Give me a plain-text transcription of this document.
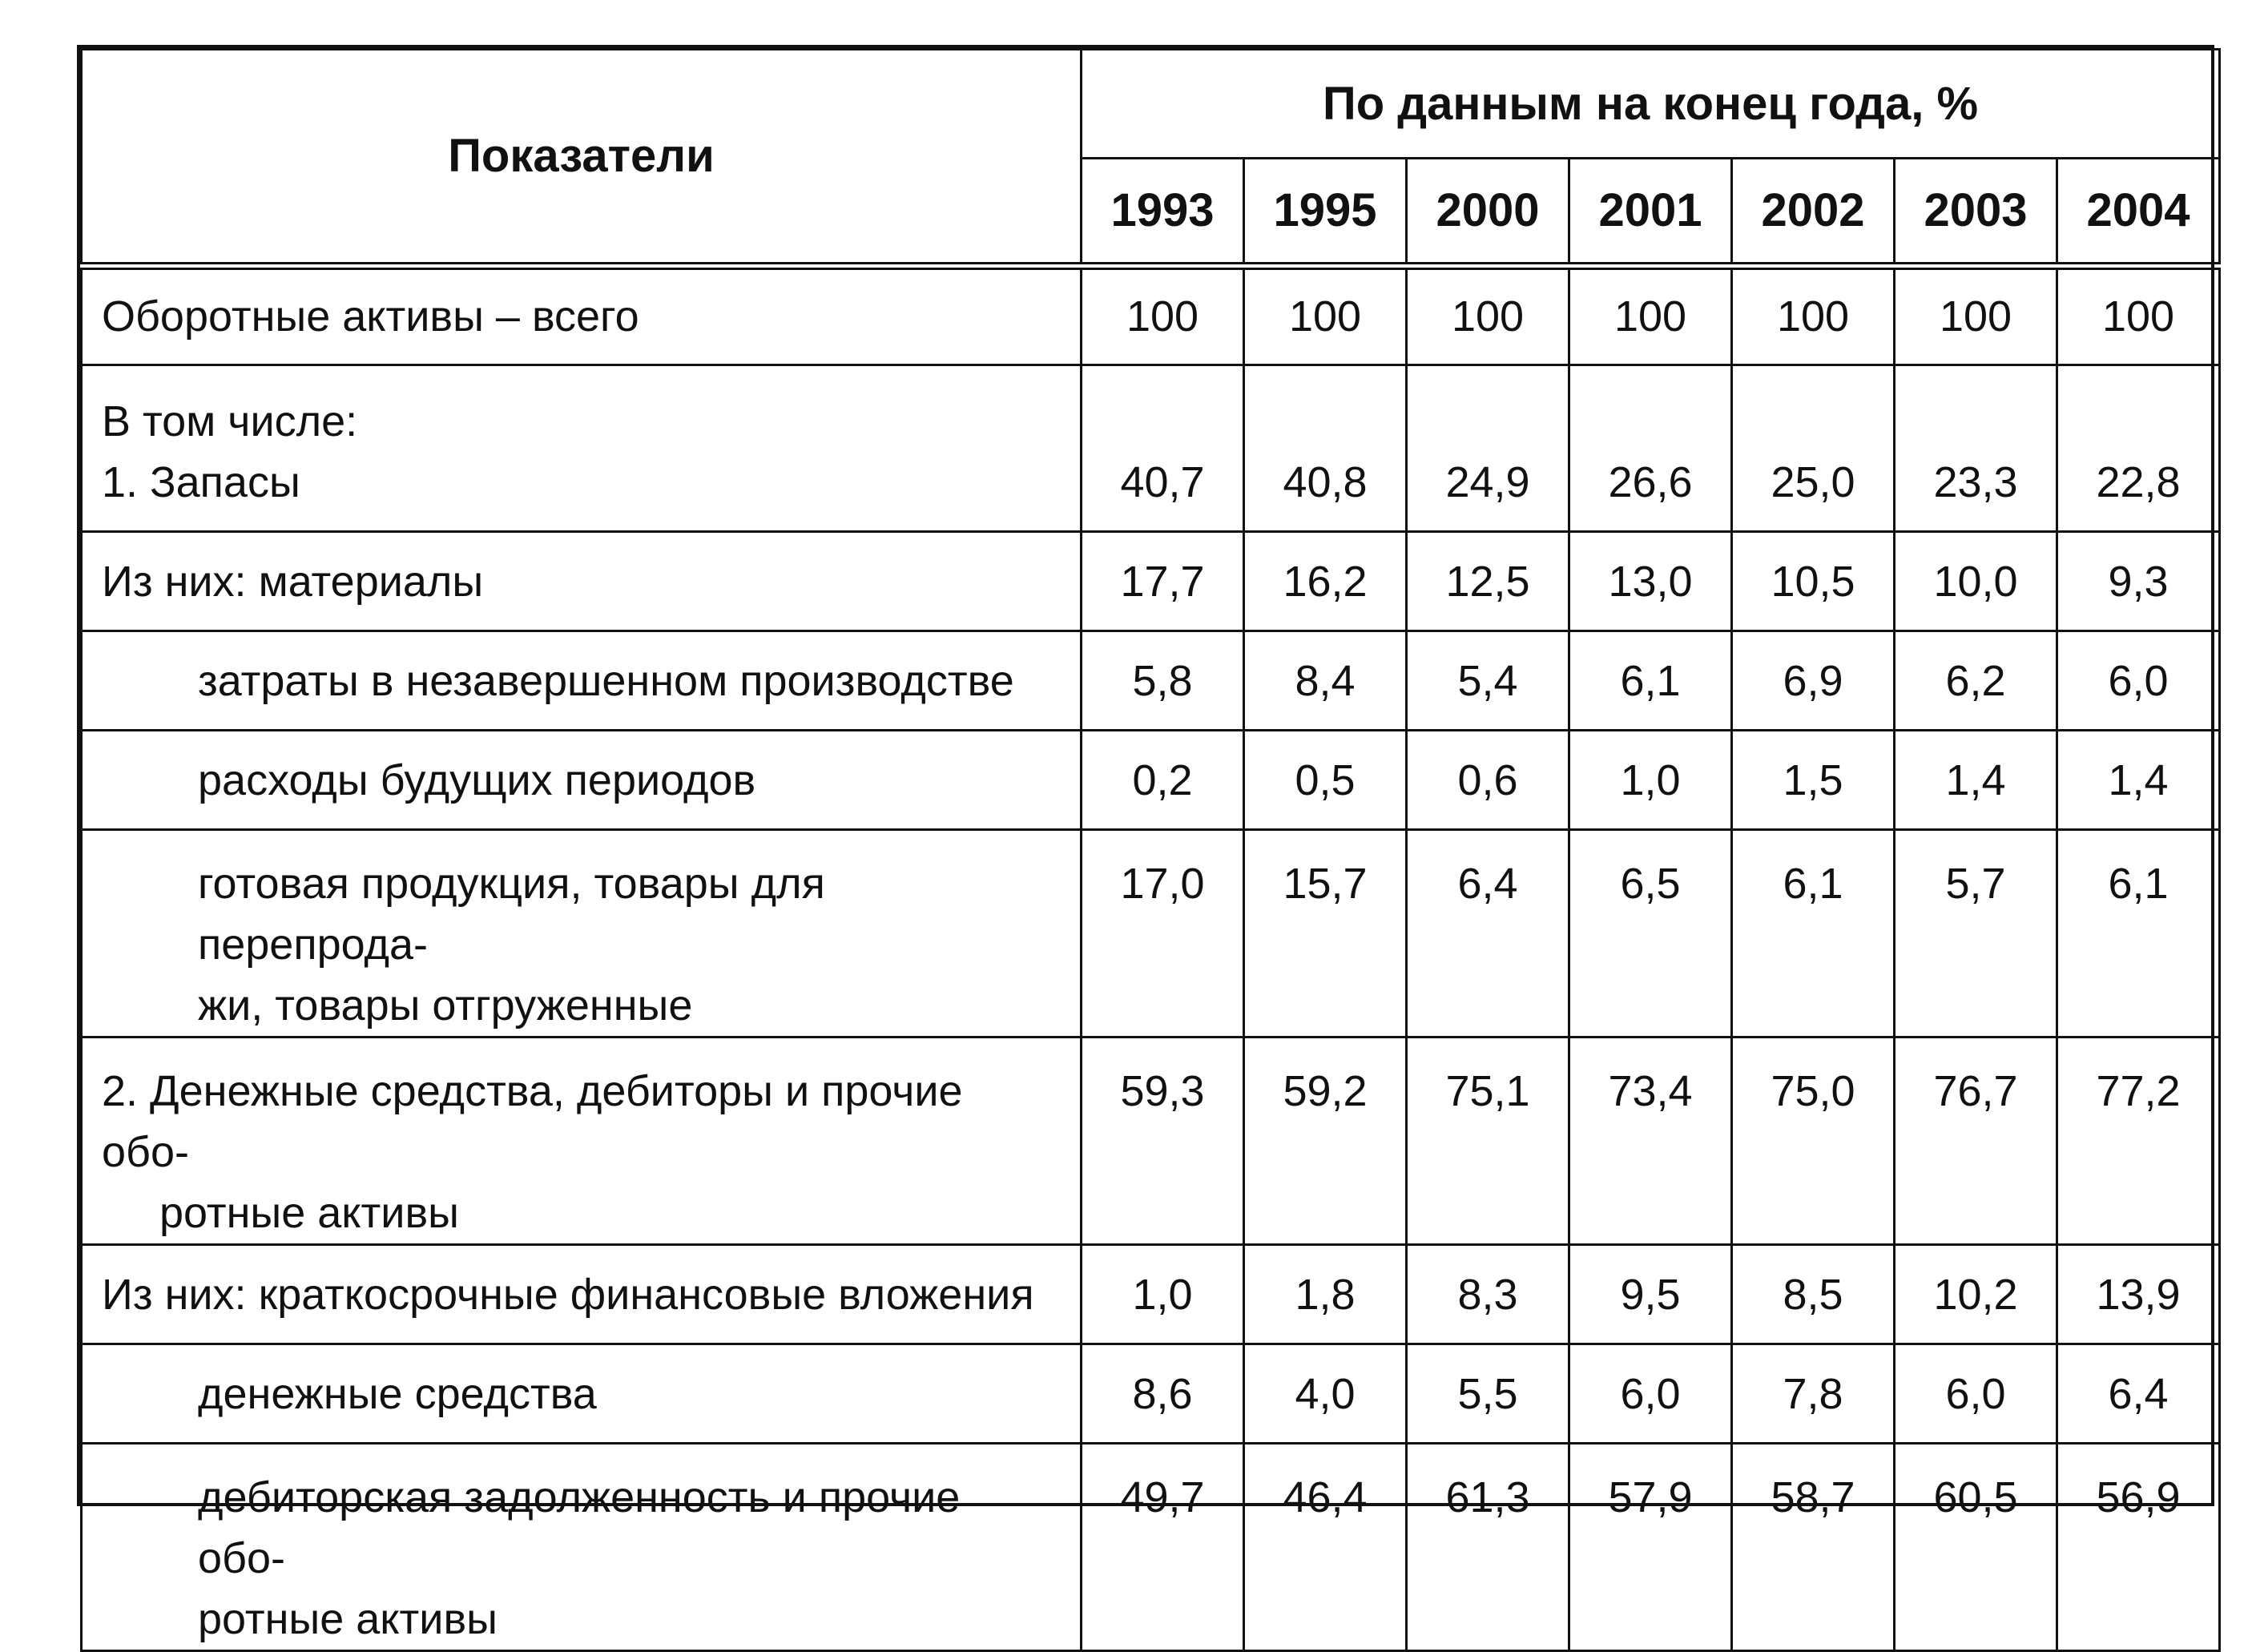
Показатели	По данным на конец года, %						
	1993	1995	2000	2001	2002	2003	2004
Оборотные активы – всего	100	100	100	100	100	100	100

В том числе:
1. Запасы	40,7	40,8	24,9	26,6	25,0	23,3	22,8
Из них: материалы	17,7	16,2	12,5	13,0	10,5	10,0	9,3
затраты в незавершенном производстве	5,8	8,4	5,4	6,1	6,9	6,2	6,0
расходы будущих периодов	0,2	0,5	0,6	1,0	1,5	1,4	1,4

готовая продукция, товары для перепрода-
жи, товары отгруженные	17,0	15,7	6,4	6,5	6,1	5,7	6,1

2. Денежные средства, дебиторы и прочие обо-
ротные активы	59,3	59,2	75,1	73,4	75,0	76,7	77,2
Из них: краткосрочные финансовые вложения	1,0	1,8	8,3	9,5	8,5	10,2	13,9
денежные средства	8,6	4,0	5,5	6,0	7,8	6,0	6,4

дебиторская задолженность и прочие обо-
ротные активы	49,7	46,4	61,3	57,9	58,7	60,5	56,9
